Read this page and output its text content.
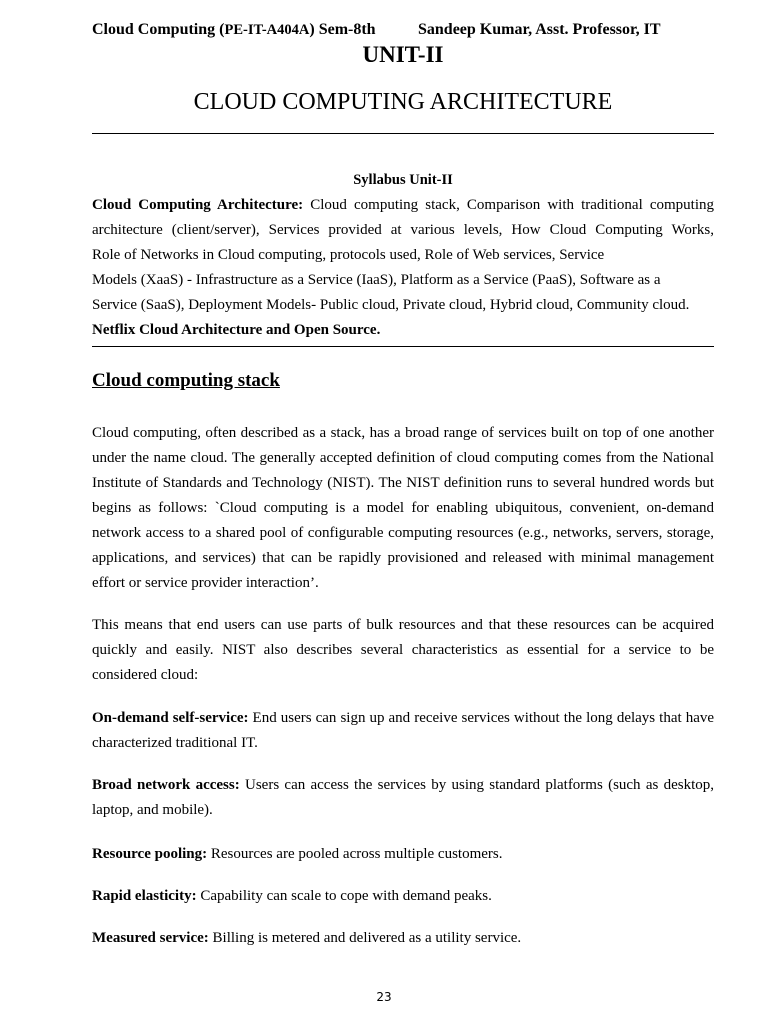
Cloud Computing (PE-IT-A404A) Sem-8th	Sandeep Kumar, Asst. Professor, IT
UNIT-II
CLOUD COMPUTING ARCHITECTURE
Syllabus Unit-II
Cloud Computing Architecture: Cloud computing stack, Comparison with traditional computing
architecture (client/server), Services provided at various levels, How Cloud Computing Works,
Role of Networks in Cloud computing, protocols used, Role of Web services, Service
Models (XaaS) - Infrastructure as a Service (IaaS), Platform as a Service (PaaS), Software as a
Service (SaaS), Deployment Models- Public cloud, Private cloud, Hybrid cloud, Community cloud.
Netflix Cloud Architecture and Open Source.
Cloud computing stack
Cloud computing, often described as a stack, has a broad range of services built on top of one another under the name cloud. The generally accepted definition of cloud computing comes from the National Institute of Standards and Technology (NIST). The NIST definition runs to several hundred words but begins as follows: `Cloud computing is a model for enabling ubiquitous, convenient, on-demand network access to a shared pool of configurable computing resources (e.g., networks, servers, storage, applications, and services) that can be rapidly provisioned and released with minimal management effort or service provider interaction’.
This means that end users can use parts of bulk resources and that these resources can be acquired quickly and easily. NIST also describes several characteristics as essential for a service to be considered cloud:
On-demand self-service: End users can sign up and receive services without the long delays that have characterized traditional IT.
Broad network access: Users can access the services by using standard platforms (such as desktop, laptop, and mobile).
Resource pooling: Resources are pooled across multiple customers.
Rapid elasticity: Capability can scale to cope with demand peaks.
Measured service: Billing is metered and delivered as a utility service.
23
